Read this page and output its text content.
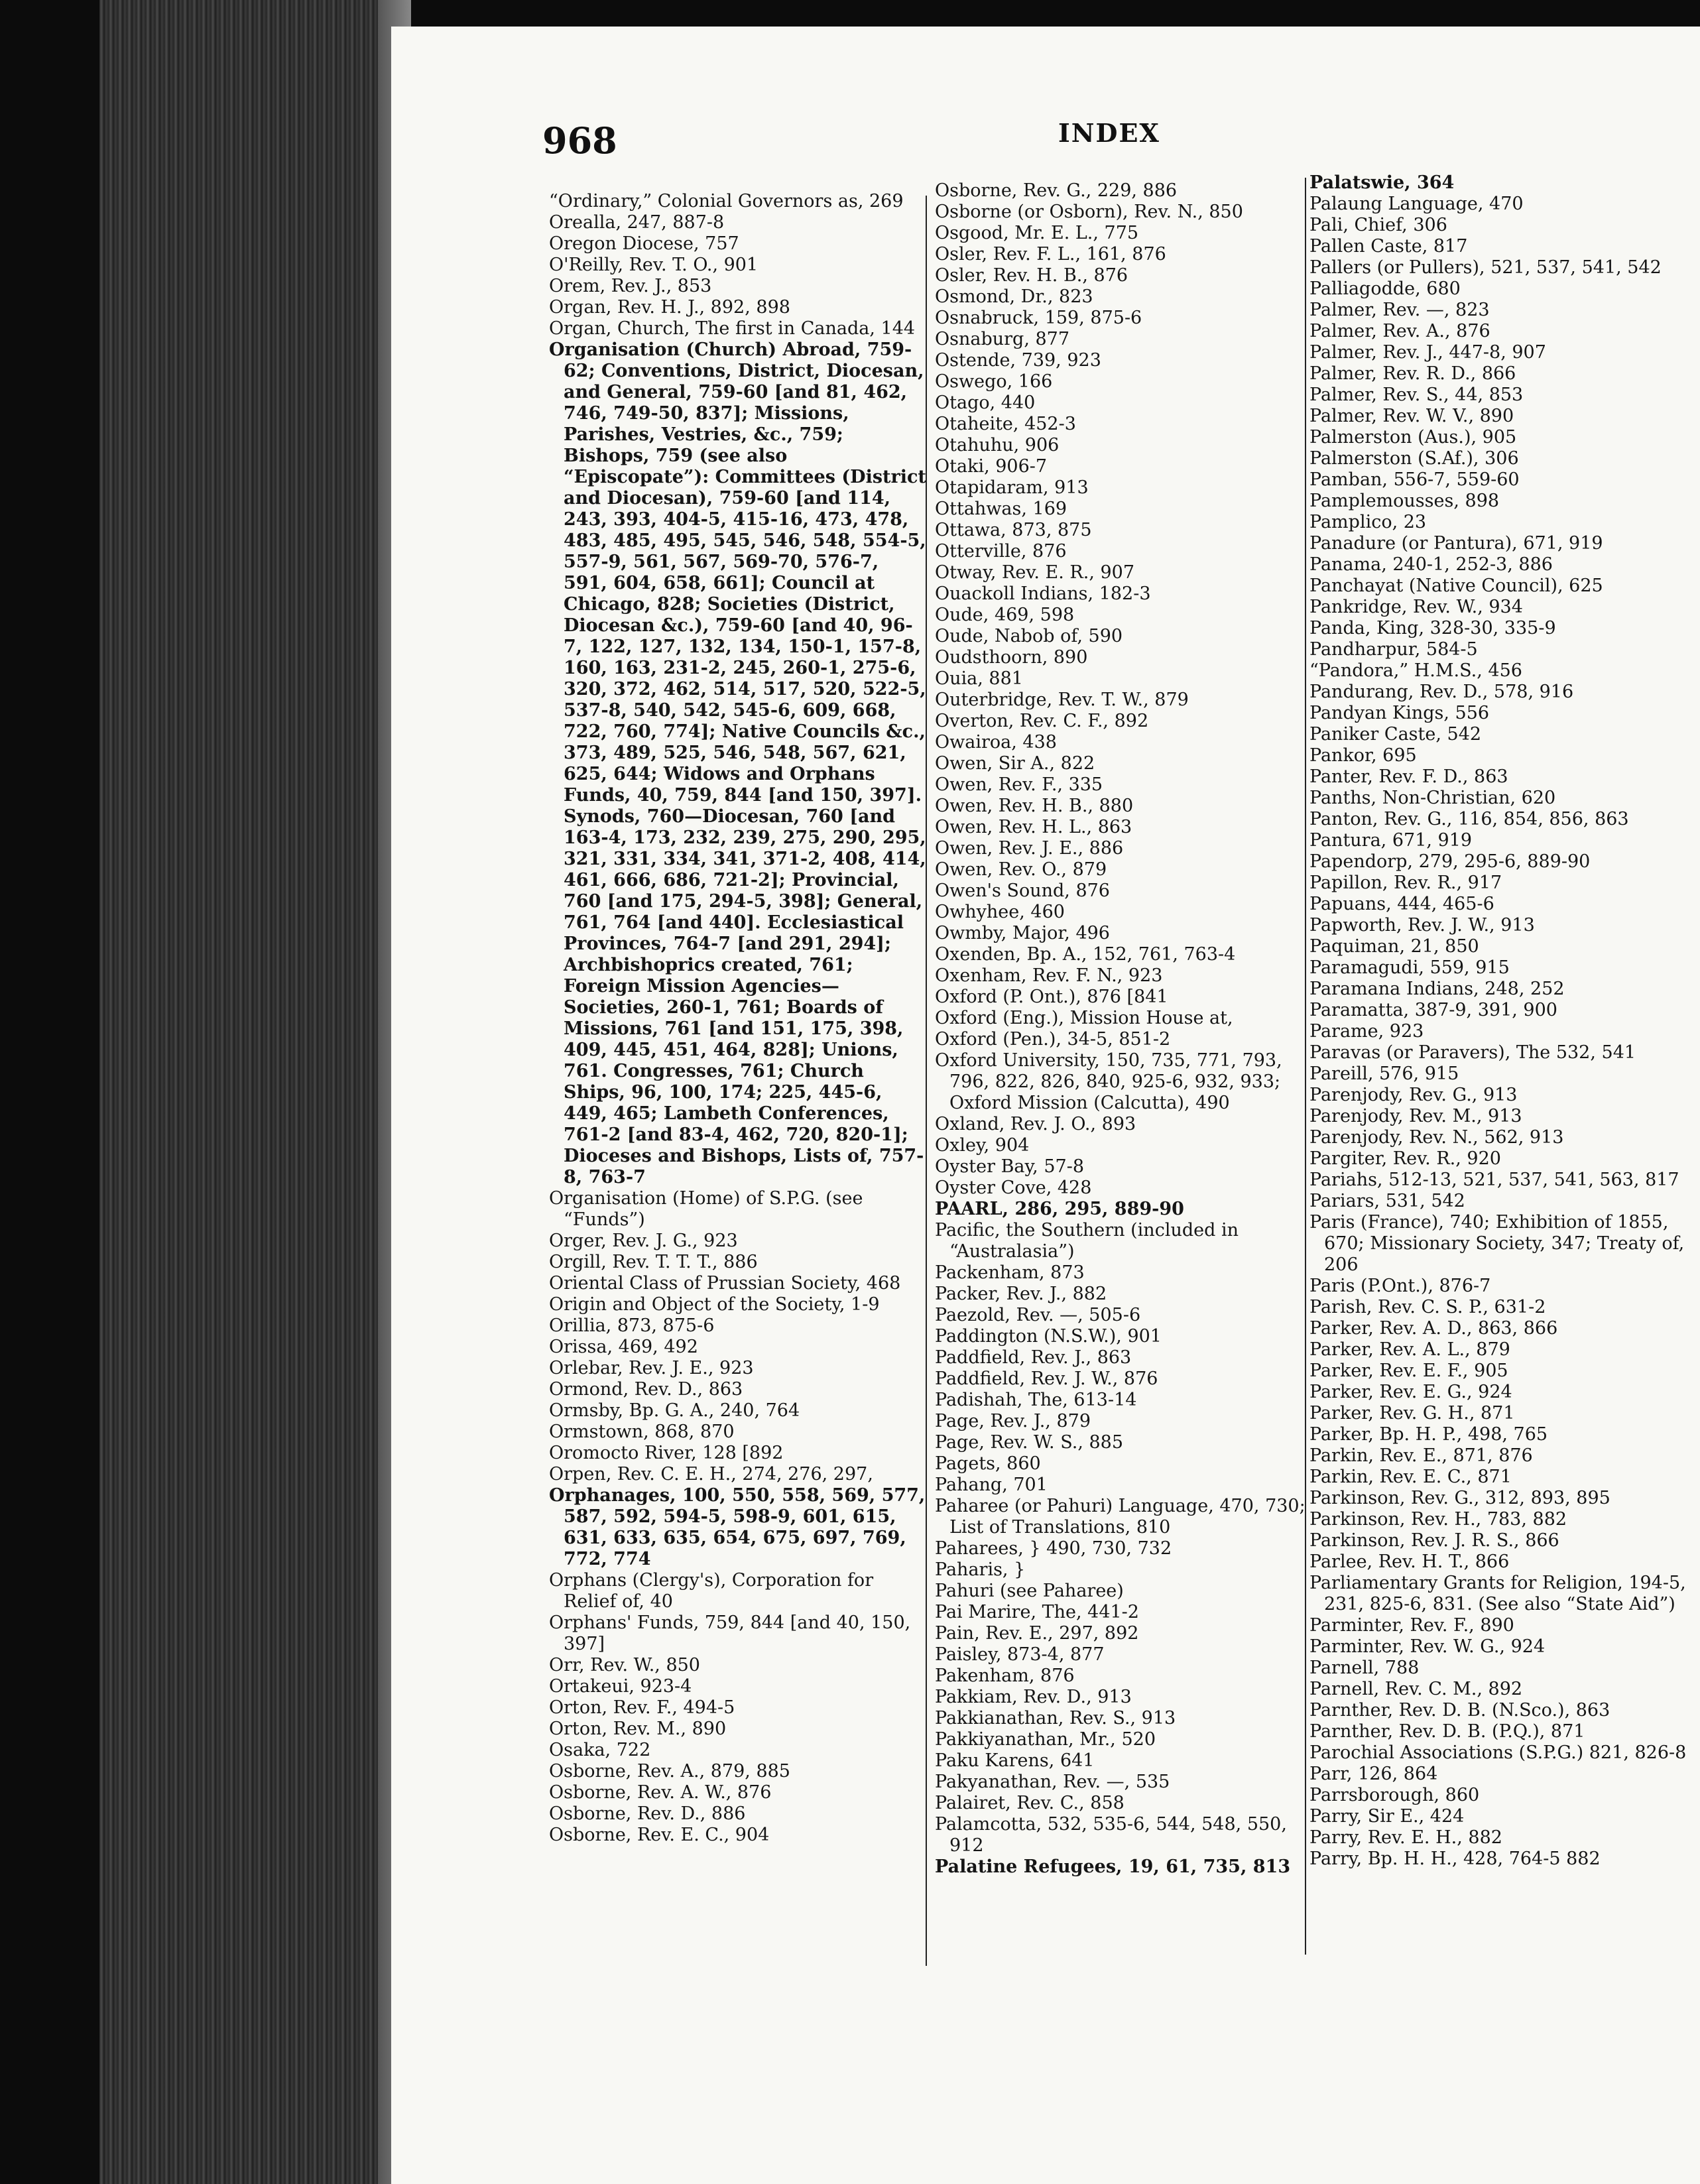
968	INDEX
“Ordinary,” Colonial Governors as, 269
Orealla, 247, 887-8
Oregon Diocese, 757
O'Reilly, Rev. T. O., 901
Orem, Rev. J., 853
Organ, Rev. H. J., 892, 898
Organ, Church, The first in Canada, 144
Organisation (Church) Abroad, 759-62; Conventions, District, Diocesan, and General, 759-60 [and 81, 462, 746, 749-50, 837]; Missions, Parishes, Vestries, &c., 759; Bishops, 759 (see also “Episcopate”): Committees (District and Diocesan), 759-60 [and 114, 243, 393, 404-5, 415-16, 473, 478, 483, 485, 495, 545, 546, 548, 554-5, 557-9, 561, 567, 569-70, 576-7, 591, 604, 658, 661]; Council at Chicago, 828; Societies (District, Diocesan &c.), 759-60 [and 40, 96-7, 122, 127, 132, 134, 150-1, 157-8, 160, 163, 231-2, 245, 260-1, 275-6, 320, 372, 462, 514, 517, 520, 522-5, 537-8, 540, 542, 545-6, 609, 668, 722, 760, 774]; Native Councils &c., 373, 489, 525, 546, 548, 567, 621, 625, 644; Widows and Orphans Funds, 40, 759, 844 [and 150, 397]. Synods, 760—Diocesan, 760 [and 163-4, 173, 232, 239, 275, 290, 295, 321, 331, 334, 341, 371-2, 408, 414, 461, 666, 686, 721-2]; Provincial, 760 [and 175, 294-5, 398]; General, 761, 764 [and 440]. Ecclesiastical Provinces, 764-7 [and 291, 294]; Archbishoprics created, 761; Foreign Mission Agencies—Societies, 260-1, 761; Boards of Missions, 761 [and 151, 175, 398, 409, 445, 451, 464, 828]; Unions, 761. Congresses, 761; Church Ships, 96, 100, 174; 225, 445-6, 449, 465; Lambeth Conferences, 761-2 [and 83-4, 462, 720, 820-1]; Dioceses and Bishops, Lists of, 757-8, 763-7
Organisation (Home) of S.P.G. (see “Funds”)
Orger, Rev. J. G., 923
Orgill, Rev. T. T. T., 886
Oriental Class of Prussian Society, 468
Origin and Object of the Society, 1-9
Orillia, 873, 875-6
Orissa, 469, 492
Orlebar, Rev. J. E., 923
Ormond, Rev. D., 863
Ormsby, Bp. G. A., 240, 764
Ormstown, 868, 870
Oromocto River, 128 [892
Orpen, Rev. C. E. H., 274, 276, 297,
Orphanages, 100, 550, 558, 569, 577, 587, 592, 594-5, 598-9, 601, 615, 631, 633, 635, 654, 675, 697, 769, 772, 774
Orphans (Clergy's), Corporation for Relief of, 40
Orphans' Funds, 759, 844 [and 40, 150, 397]
Orr, Rev. W., 850
Ortakeui, 923-4
Orton, Rev. F., 494-5
Orton, Rev. M., 890
Osaka, 722
Osborne, Rev. A., 879, 885
Osborne, Rev. A. W., 876
Osborne, Rev. D., 886
Osborne, Rev. E. C., 904
Osborne, Rev. G., 229, 886
Osborne (or Osborn), Rev. N., 850
Osgood, Mr. E. L., 775
Osler, Rev. F. L., 161, 876
Osler, Rev. H. B., 876
Osmond, Dr., 823
Osnabruck, 159, 875-6
Osnaburg, 877
Ostende, 739, 923
Oswego, 166
Otago, 440
Otaheite, 452-3
Otahuhu, 906
Otaki, 906-7
Otapidaram, 913
Ottahwas, 169
Ottawa, 873, 875
Otterville, 876
Otway, Rev. E. R., 907
Ouackoll Indians, 182-3
Oude, 469, 598
Oude, Nabob of, 590
Oudsthoorn, 890
Ouia, 881
Outerbridge, Rev. T. W., 879
Overton, Rev. C. F., 892
Owairoa, 438
Owen, Sir A., 822
Owen, Rev. F., 335
Owen, Rev. H. B., 880
Owen, Rev. H. L., 863
Owen, Rev. J. E., 886
Owen, Rev. O., 879
Owen's Sound, 876
Owhyhee, 460
Owmby, Major, 496
Oxenden, Bp. A., 152, 761, 763-4
Oxenham, Rev. F. N., 923
Oxford (P. Ont.), 876 [841
Oxford (Eng.), Mission House at,
Oxford (Pen.), 34-5, 851-2
Oxford University, 150, 735, 771, 793, 796, 822, 826, 840, 925-6, 932, 933; Oxford Mission (Calcutta), 490
Oxland, Rev. J. O., 893
Oxley, 904
Oyster Bay, 57-8
Oyster Cove, 428
PAARL, 286, 295, 889-90
Pacific, the Southern (included in “Australasia”)
Packenham, 873
Packer, Rev. J., 882
Paezold, Rev. —, 505-6
Paddington (N.S.W.), 901
Paddfield, Rev. J., 863
Paddfield, Rev. J. W., 876
Padishah, The, 613-14
Page, Rev. J., 879
Page, Rev. W. S., 885
Pagets, 860
Pahang, 701
Paharee (or Pahuri) Language, 470, 730; List of Translations, 810
Paharees, } 490, 730, 732
Paharis, }
Pahuri (see Paharee)
Pai Marire, The, 441-2
Pain, Rev. E., 297, 892
Paisley, 873-4, 877
Pakenham, 876
Pakkiam, Rev. D., 913
Pakkianathan, Rev. S., 913
Pakkiyanathan, Mr., 520
Paku Karens, 641
Pakyanathan, Rev. —, 535
Palairet, Rev. C., 858
Palamcotta, 532, 535-6, 544, 548, 550, 912
Palatine Refugees, 19, 61, 735, 813
Palatswie, 364
Palaung Language, 470
Pali, Chief, 306
Pallen Caste, 817
Pallers (or Pullers), 521, 537, 541, 542
Palliagodde, 680
Palmer, Rev. —, 823
Palmer, Rev. A., 876
Palmer, Rev. J., 447-8, 907
Palmer, Rev. R. D., 866
Palmer, Rev. S., 44, 853
Palmer, Rev. W. V., 890
Palmerston (Aus.), 905
Palmerston (S.Af.), 306
Pamban, 556-7, 559-60
Pamplemousses, 898
Pamplico, 23
Panadure (or Pantura), 671, 919
Panama, 240-1, 252-3, 886
Panchayat (Native Council), 625
Pankridge, Rev. W., 934
Panda, King, 328-30, 335-9
Pandharpur, 584-5
“Pandora,” H.M.S., 456
Pandurang, Rev. D., 578, 916
Pandyan Kings, 556
Paniker Caste, 542
Pankor, 695
Panter, Rev. F. D., 863
Panths, Non-Christian, 620
Panton, Rev. G., 116, 854, 856, 863
Pantura, 671, 919
Papendorp, 279, 295-6, 889-90
Papillon, Rev. R., 917
Papuans, 444, 465-6
Papworth, Rev. J. W., 913
Paquiman, 21, 850
Paramagudi, 559, 915
Paramana Indians, 248, 252
Paramatta, 387-9, 391, 900
Parame, 923
Paravas (or Paravers), The 532, 541
Pareill, 576, 915
Parenjody, Rev. G., 913
Parenjody, Rev. M., 913
Parenjody, Rev. N., 562, 913
Pargiter, Rev. R., 920
Pariahs, 512-13, 521, 537, 541, 563, 817
Pariars, 531, 542
Paris (France), 740; Exhibition of 1855, 670; Missionary Society, 347; Treaty of, 206
Paris (P.Ont.), 876-7
Parish, Rev. C. S. P., 631-2
Parker, Rev. A. D., 863, 866
Parker, Rev. A. L., 879
Parker, Rev. E. F., 905
Parker, Rev. E. G., 924
Parker, Rev. G. H., 871
Parker, Bp. H. P., 498, 765
Parkin, Rev. E., 871, 876
Parkin, Rev. E. C., 871
Parkinson, Rev. G., 312, 893, 895
Parkinson, Rev. H., 783, 882
Parkinson, Rev. J. R. S., 866
Parlee, Rev. H. T., 866
Parliamentary Grants for Religion, 194-5, 231, 825-6, 831. (See also “State Aid”)
Parminter, Rev. F., 890
Parminter, Rev. W. G., 924
Parnell, 788
Parnell, Rev. C. M., 892
Parnther, Rev. D. B. (N.Sco.), 863
Parnther, Rev. D. B. (P.Q.), 871
Parochial Associations (S.P.G.) 821, 826-8
Parr, 126, 864
Parrsborough, 860
Parry, Sir E., 424
Parry, Rev. E. H., 882
Parry, Bp. H. H., 428, 764-5 882
